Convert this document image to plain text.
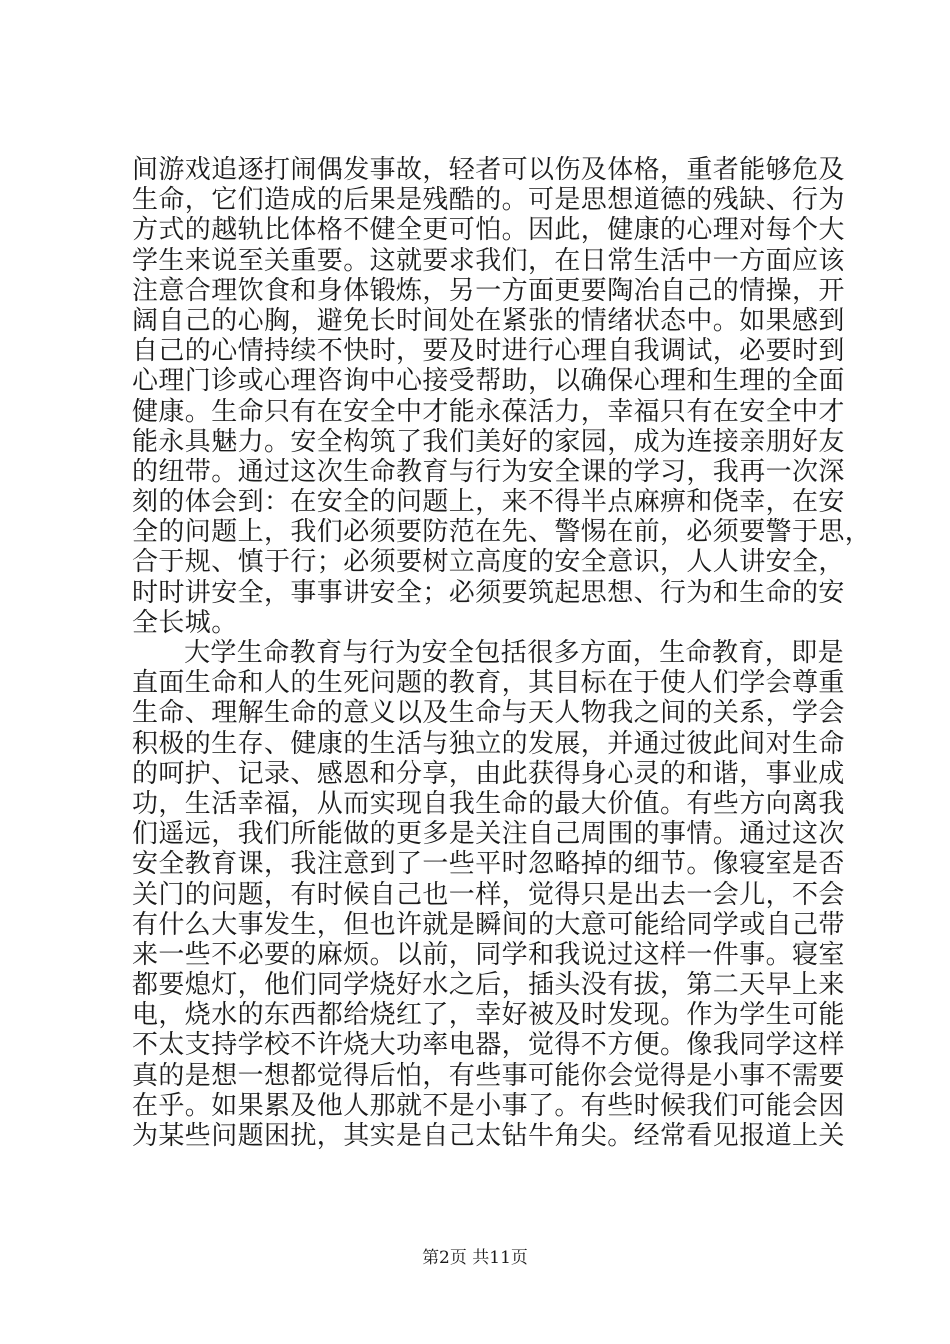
间游戏追逐打闹偶发事故，轻者可以伤及体格，重者能够危及
生命，它们造成的后果是残酷的。可是思想道德的残缺、行为
方式的越轨比体格不健全更可怕。因此，健康的心理对每个大
学生来说至关重要。这就要求我们，在日常生活中一方面应该
注意合理饮食和身体锻炼，另一方面更要陶冶自己的情操，开
阔自己的心胸，避免长时间处在紧张的情绪状态中。如果感到
自己的心情持续不快时，要及时进行心理自我调试，必要时到
心理门诊或心理咨询中心接受帮助，以确保心理和生理的全面
健康。生命只有在安全中才能永葆活力，幸福只有在安全中才
能永具魅力。安全构筑了我们美好的家园，成为连接亲朋好友
的纽带。通过这次生命教育与行为安全课的学习，我再一次深
刻的体会到：在安全的问题上，来不得半点麻痹和侥幸，在安
全的问题上，我们必须要防范在先、警惕在前，必须要警于思，
合于规、慎于行；必须要树立高度的安全意识，人人讲安全，
时时讲安全，事事讲安全；必须要筑起思想、行为和生命的安
全长城。
大学生命教育与行为安全包括很多方面，生命教育，即是
直面生命和人的生死问题的教育，其目标在于使人们学会尊重
生命、理解生命的意义以及生命与天人物我之间的关系，学会
积极的生存、健康的生活与独立的发展，并通过彼此间对生命
的呵护、记录、感恩和分享，由此获得身心灵的和谐，事业成
功，生活幸福，从而实现自我生命的最大价值。有些方向离我
们遥远，我们所能做的更多是关注自己周围的事情。通过这次
安全教育课，我注意到了一些平时忽略掉的细节。像寝室是否
关门的问题，有时候自己也一样，觉得只是出去一会儿，不会
有什么大事发生，但也许就是瞬间的大意可能给同学或自己带
来一些不必要的麻烦。以前，同学和我说过这样一件事。寝室
都要熄灯，他们同学烧好水之后，插头没有拔，第二天早上来
电，烧水的东西都给烧红了，幸好被及时发现。作为学生可能
不太支持学校不许烧大功率电器，觉得不方便。像我同学这样
真的是想一想都觉得后怕，有些事可能你会觉得是小事不需要
在乎。如果累及他人那就不是小事了。有些时候我们可能会因
为某些问题困扰，其实是自己太钻牛角尖。经常看见报道上关
第2页 共11页
